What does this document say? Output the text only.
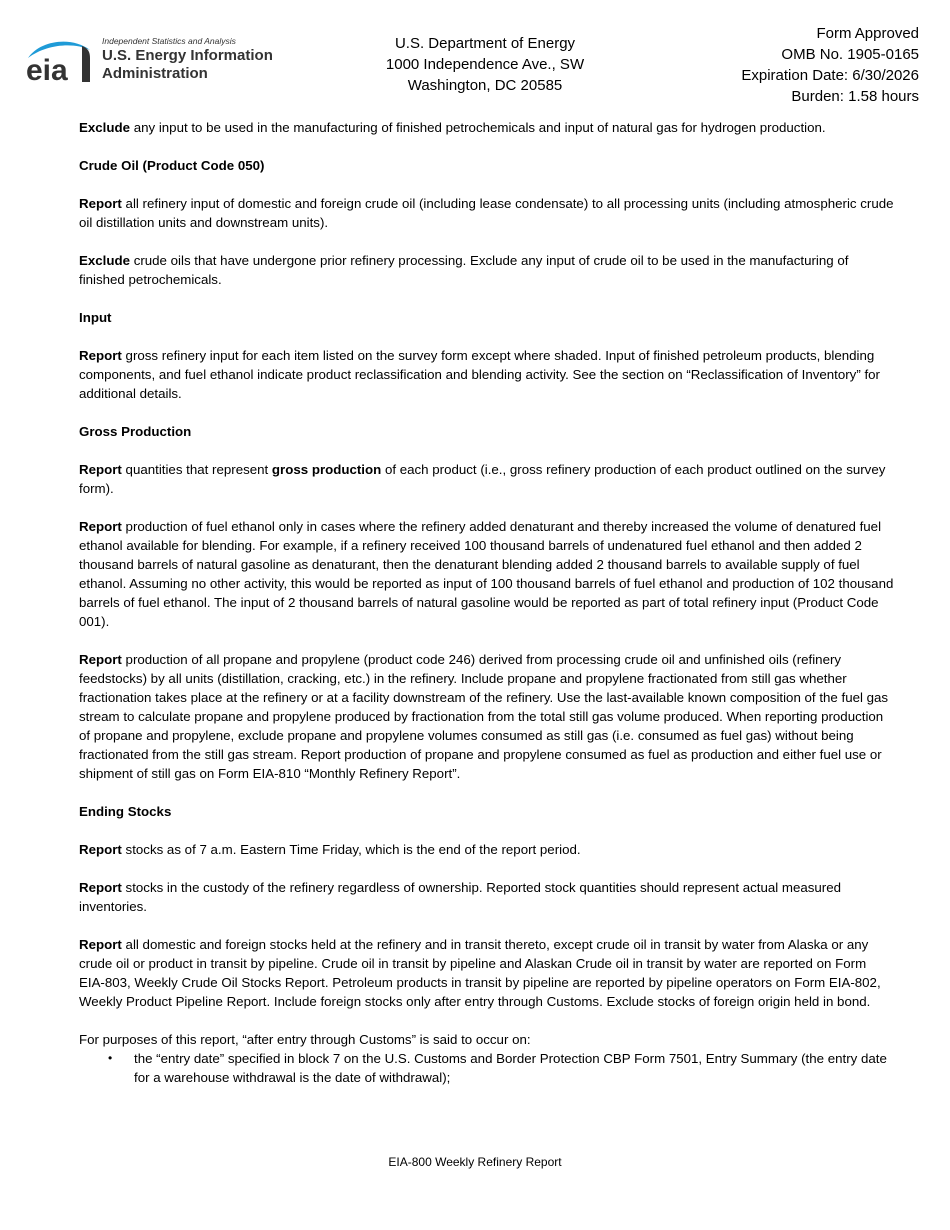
eia
Independent Statistics and Analysis
U.S. Energy Information
Administration
U.S. Department of Energy
1000 Independence Ave., SW
Washington, DC 20585
Form Approved
OMB No. 1905-0165
Expiration Date: 6/30/2026
Burden: 1.58 hours

Exclude any input to be used in the manufacturing of finished petrochemicals and input of natural gas for hydrogen production.

Crude Oil (Product Code 050)

Report all refinery input of domestic and foreign crude oil (including lease condensate) to all processing units (including atmospheric crude oil distillation units and downstream units).

Exclude crude oils that have undergone prior refinery processing. Exclude any input of crude oil to be used in the manufacturing of finished petrochemicals.

Input

Report gross refinery input for each item listed on the survey form except where shaded. Input of finished petroleum products, blending components, and fuel ethanol indicate product reclassification and blending activity. See the section on “Reclassification of Inventory” for additional details.

Gross Production

Report quantities that represent gross production of each product (i.e., gross refinery production of each product outlined on the survey form).

Report production of fuel ethanol only in cases where the refinery added denaturant and thereby increased the volume of denatured fuel ethanol available for blending. For example, if a refinery received 100 thousand barrels of undenatured fuel ethanol and then added 2 thousand barrels of natural gasoline as denaturant, then the denaturant blending added 2 thousand barrels to available supply of fuel ethanol. Assuming no other activity, this would be reported as input of 100 thousand barrels of fuel ethanol and production of 102 thousand barrels of fuel ethanol. The input of 2 thousand barrels of natural gasoline would be reported as part of total refinery input (Product Code 001).

Report production of all propane and propylene (product code 246) derived from processing crude oil and unfinished oils (refinery feedstocks) by all units (distillation, cracking, etc.) in the refinery. Include propane and propylene fractionated from still gas whether fractionation takes place at the refinery or at a facility downstream of the refinery. Use the last-available known composition of the fuel gas stream to calculate propane and propylene produced by fractionation from the total still gas volume produced. When reporting production of propane and propylene, exclude propane and propylene volumes consumed as still gas (i.e. consumed as fuel gas) without being fractionated from the still gas stream. Report production of propane and propylene consumed as fuel as production and either fuel use or shipment of still gas on Form EIA-810 “Monthly Refinery Report”.

Ending Stocks

Report stocks as of 7 a.m. Eastern Time Friday, which is the end of the report period.

Report stocks in the custody of the refinery regardless of ownership. Reported stock quantities should represent actual measured inventories.

Report all domestic and foreign stocks held at the refinery and in transit thereto, except crude oil in transit by water from Alaska or any crude oil or product in transit by pipeline. Crude oil in transit by pipeline and Alaskan Crude oil in transit by water are reported on Form EIA-803, Weekly Crude Oil Stocks Report. Petroleum products in transit by pipeline are reported by pipeline operators on Form EIA-802, Weekly Product Pipeline Report. Include foreign stocks only after entry through Customs. Exclude stocks of foreign origin held in bond.

For purposes of this report, “after entry through Customs” is said to occur on:

• the “entry date” specified in block 7 on the U.S. Customs and Border Protection CBP Form 7501, Entry Summary (the entry date for a warehouse withdrawal is the date of withdrawal);
EIA-800 Weekly Refinery Report
